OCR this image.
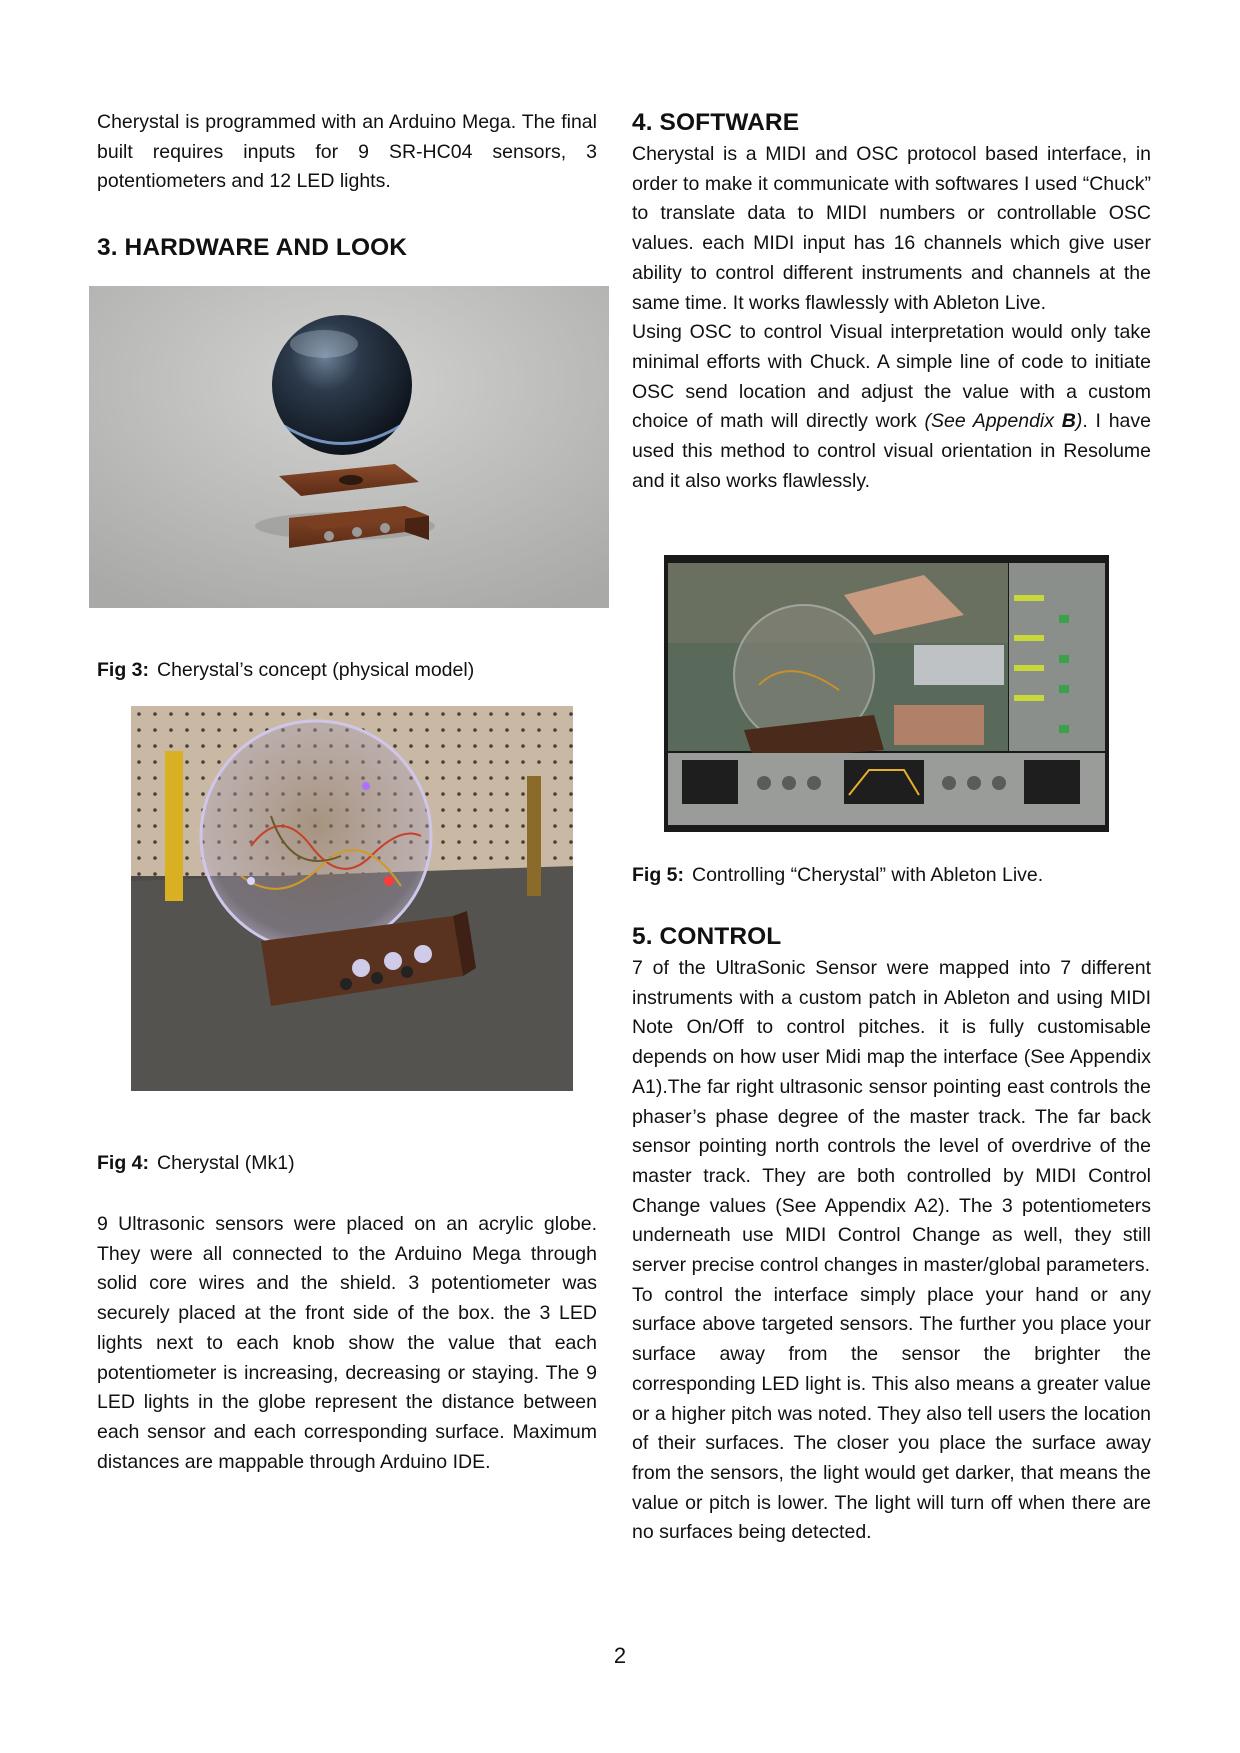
Cherystal is programmed with an Arduino Mega. The final built requires inputs for 9 SR-HC04 sensors, 3 potentiometers and 12 LED lights.

3. HARDWARE AND LOOK

Fig 3: Cherystal’s concept (physical model)

Fig 4: Cherystal (Mk1)

9 Ultrasonic sensors were placed on an acrylic globe. They were all connected to the Arduino Mega through solid core wires and the shield. 3 potentiometer was securely placed at the front side of the box. the 3 LED lights next to each knob show the value that each potentiometer is increasing, decreasing or staying. The 9 LED lights in the globe represent the distance between each sensor and each corresponding surface. Maximum distances are mappable through Arduino IDE.

4. SOFTWARE

Cherystal is a MIDI and OSC protocol based interface, in order to make it communicate with softwares I used “Chuck” to translate data to MIDI numbers or controllable OSC values. each MIDI input has 16 channels which give user ability to control different instruments and channels at the same time. It works flawlessly with Ableton Live.

Using OSC to control Visual interpretation would only take minimal efforts with Chuck. A simple line of code to initiate OSC send location and adjust the value with a custom choice of math will directly work (See Appendix B). I have used this method to control visual orientation in Resolume and it also works flawlessly.

Fig 5: Controlling “Cherystal” with Ableton Live.

5. CONTROL

7 of the UltraSonic Sensor were mapped into 7 different instruments with a custom patch in Ableton and using MIDI Note On/Off to control pitches. it is fully customisable depends on how user Midi map the interface (See Appendix A1).The far right ultrasonic sensor pointing east controls the phaser’s phase degree of the master track. The far back sensor pointing north controls the level of overdrive of the master track. They are both controlled by MIDI Control Change values (See Appendix A2). The 3 potentiometers underneath use MIDI Control Change as well, they still server precise control changes in master/global parameters.

To control the interface simply place your hand or any surface above targeted sensors. The further you place your surface away from the sensor the brighter the corresponding LED light is. This also means a greater value or a higher pitch was noted. They also tell users the location of their surfaces. The closer you place the surface away from the sensors, the light would get darker, that means the value or pitch is lower. The light will turn off when there are no surfaces being detected.

2
